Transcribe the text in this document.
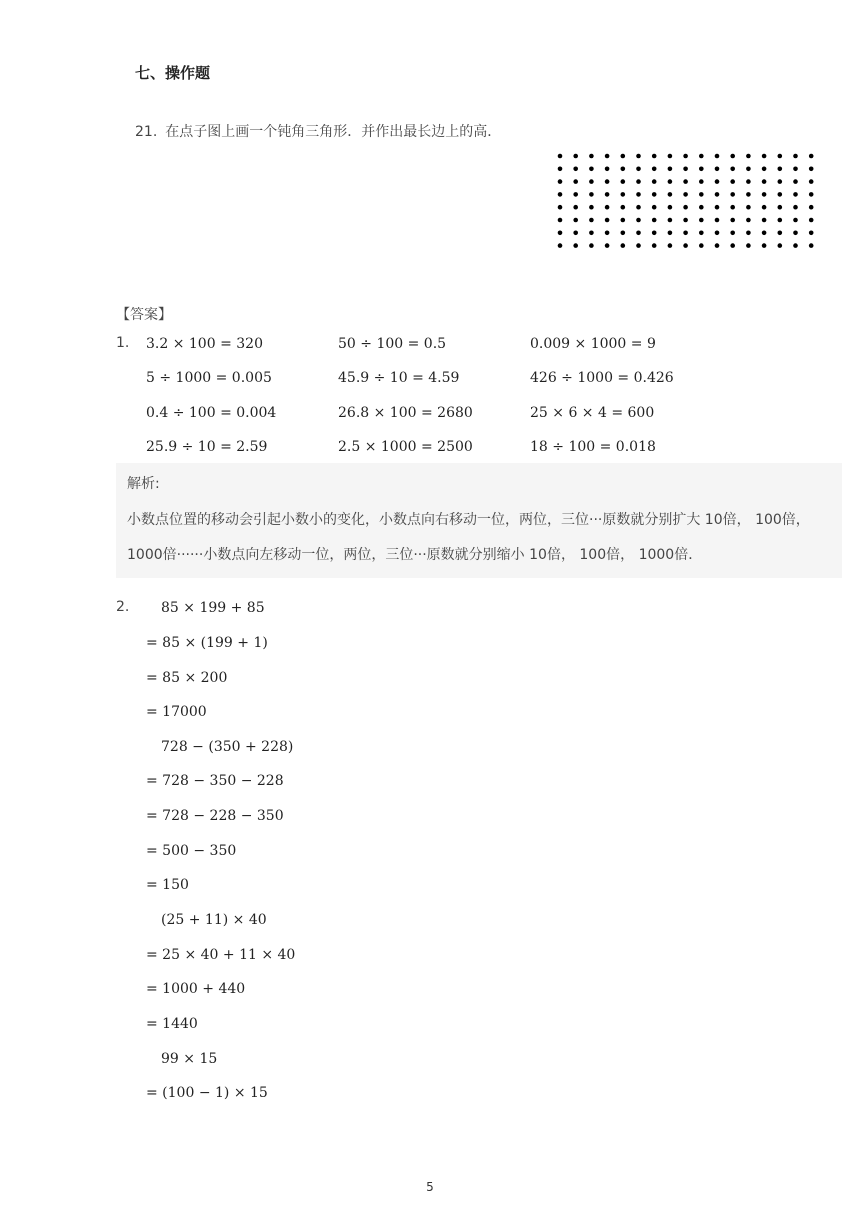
七、操作题
21. 在点子图上画一个钝角三角形．并作出最长边上的高．
【答案】
1. 3.2 × 100 = 320	50 ÷ 100 = 0.5	0.009 × 1000 = 9
5 ÷ 1000 = 0.005	45.9 ÷ 10 = 4.59	426 ÷ 1000 = 0.426
0.4 ÷ 100 = 0.004	26.8 × 100 = 2680	25 × 6 × 4 = 600
25.9 ÷ 10 = 2.59	2.5 × 1000 = 2500	18 ÷ 100 = 0.018
解析:
小数点位置的移动会引起小数小的变化，小数点向右移动一位，两位，三位···原数就分别扩大 10倍， 100倍， 1000倍······小数点向左移动一位，两位，三位···原数就分别缩小 10倍， 100倍， 1000倍．
2. 85 × 199 + 85
= 85 × (199 + 1)
= 85 × 200
= 17000
728 − (350 + 228)
= 728 − 350 − 228
= 728 − 228 − 350
= 500 − 350
= 150
(25 + 11) × 40
= 25 × 40 + 11 × 40
= 1000 + 440
= 1440
99 × 15
= (100 − 1) × 15
5
